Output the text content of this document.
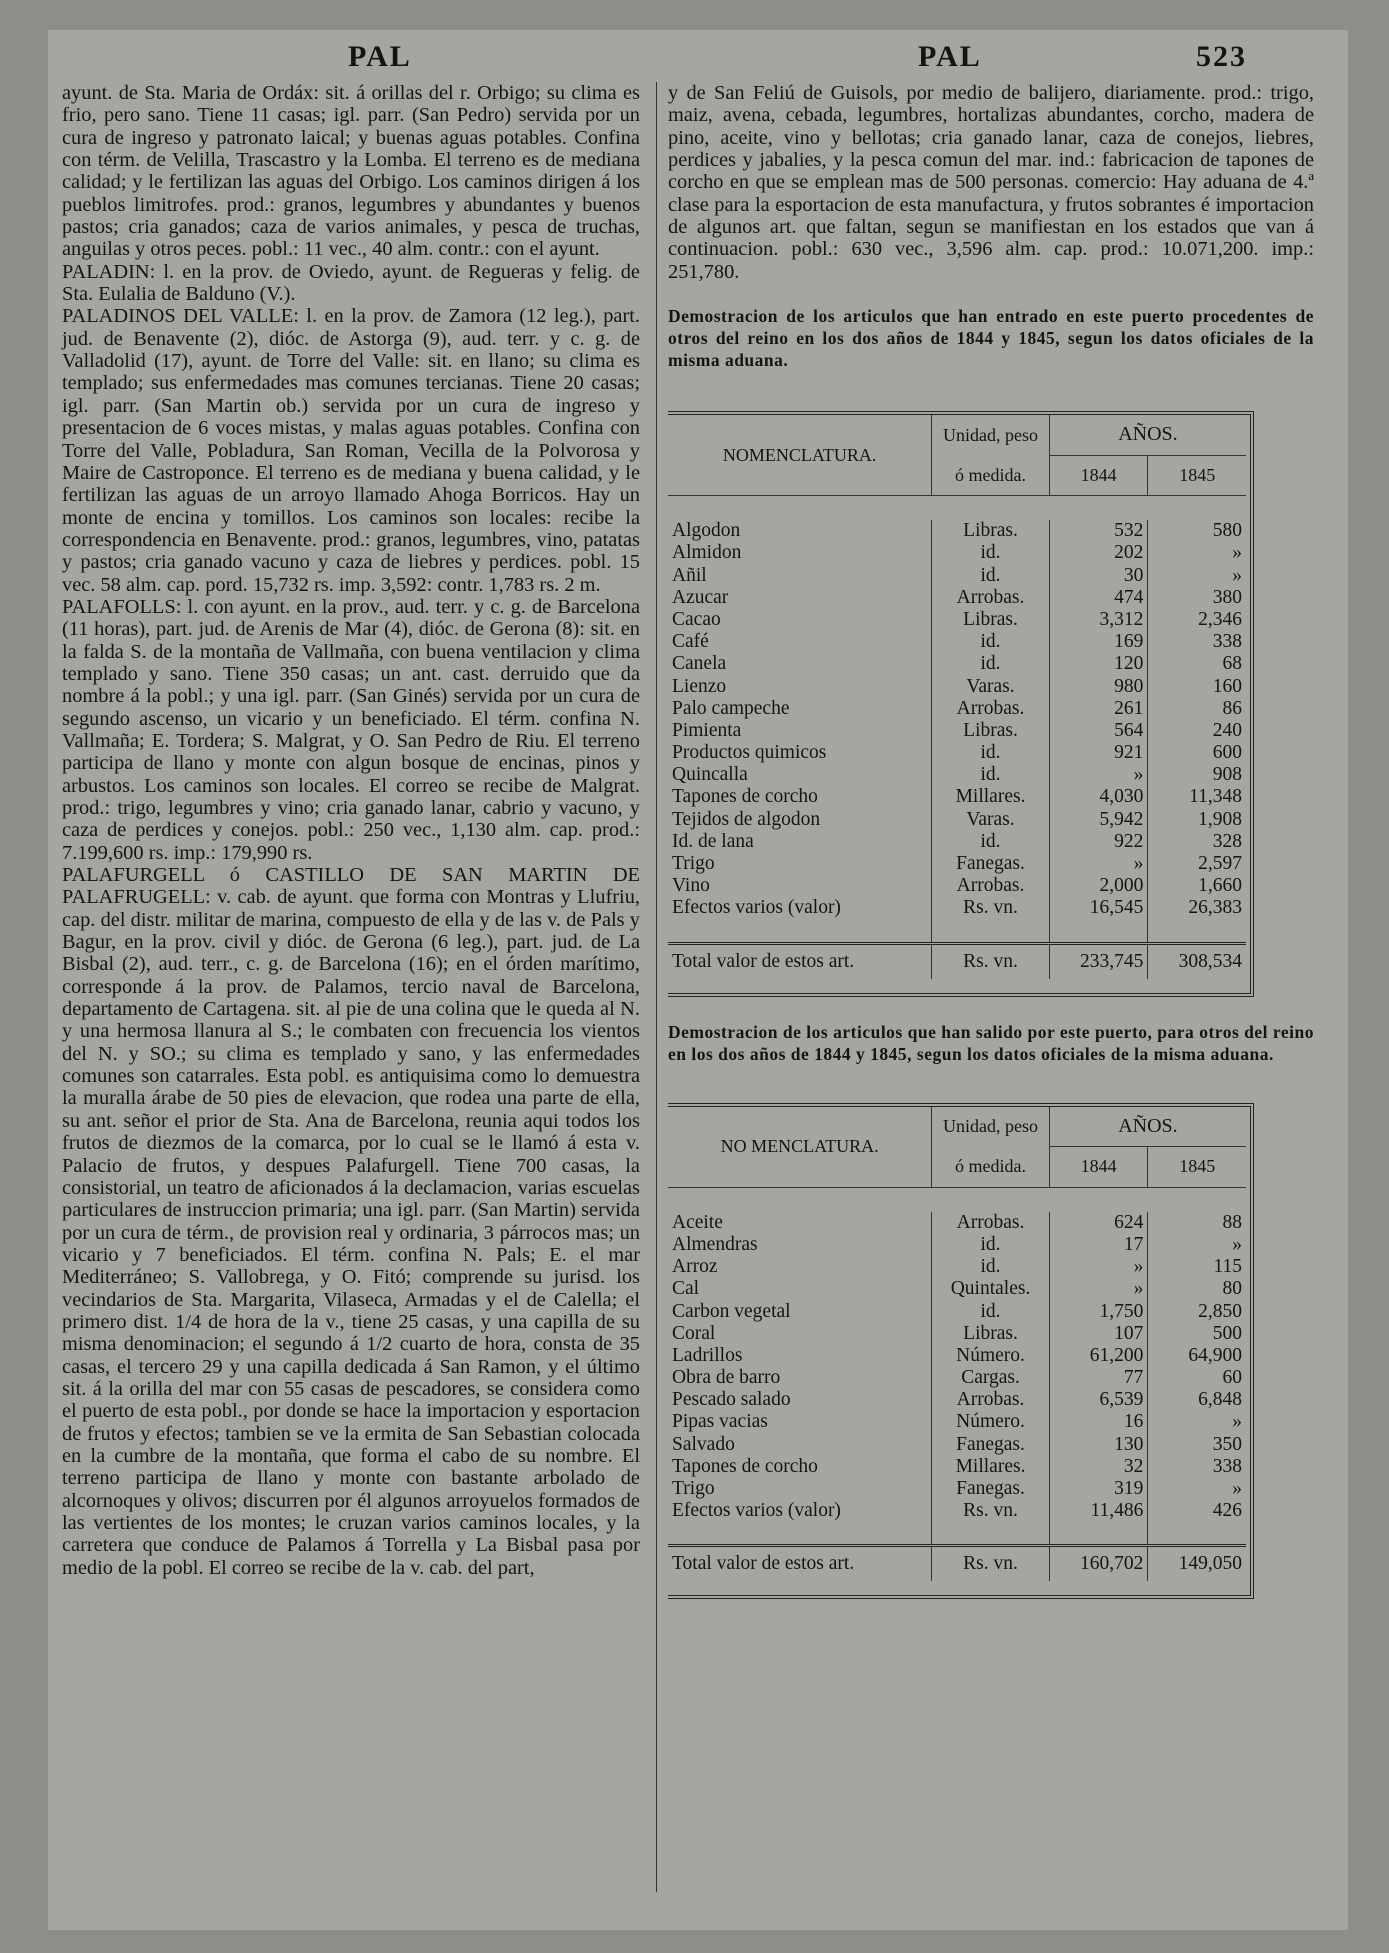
PAL	PAL	523

ayunt. de Sta. Maria de Ordáx: sit. á orillas del r. Orbigo; su clima es frio, pero sano. Tiene 11 casas; igl. parr. (San Pedro) servida por un cura de ingreso y patronato laical; y buenas aguas potables. Confina con térm. de Velilla, Trascastro y la Lomba. El terreno es de mediana calidad; y le fertilizan las aguas del Orbigo. Los caminos dirigen á los pueblos limitrofes. prod.: granos, legumbres y abundantes y buenos pastos; cria ganados; caza de varios animales, y pesca de truchas, anguilas y otros peces. pobl.: 11 vec., 40 alm. contr.: con el ayunt.

PALADIN: l. en la prov. de Oviedo, ayunt. de Regueras y felig. de Sta. Eulalia de Balduno (V.).

PALADINOS DEL VALLE: l. en la prov. de Zamora (12 leg.), part. jud. de Benavente (2), dióc. de Astorga (9), aud. terr. y c. g. de Valladolid (17), ayunt. de Torre del Valle: sit. en llano; su clima es templado; sus enfermedades mas comunes tercianas. Tiene 20 casas; igl. parr. (San Martin ob.) servida por un cura de ingreso y presentacion de 6 voces mistas, y malas aguas potables. Confina con Torre del Valle, Pobladura, San Roman, Vecilla de la Polvorosa y Maire de Castroponce. El terreno es de mediana y buena calidad, y le fertilizan las aguas de un arroyo llamado Ahoga Borricos. Hay un monte de encina y tomillos. Los caminos son locales: recibe la correspondencia en Benavente. prod.: granos, legumbres, vino, patatas y pastos; cria ganado vacuno y caza de liebres y perdices. pobl. 15 vec. 58 alm. cap. pord. 15,732 rs. imp. 3,592: contr. 1,783 rs. 2 m.

PALAFOLLS: l. con ayunt. en la prov., aud. terr. y c. g. de Barcelona (11 horas), part. jud. de Arenis de Mar (4), dióc. de Gerona (8): sit. en la falda S. de la montaña de Vallmaña, con buena ventilacion y clima templado y sano. Tiene 350 casas; un ant. cast. derruido que da nombre á la pobl.; y una igl. parr. (San Ginés) servida por un cura de segundo ascenso, un vicario y un beneficiado. El térm. confina N. Vallmaña; E. Tordera; S. Malgrat, y O. San Pedro de Riu. El terreno participa de llano y monte con algun bosque de encinas, pinos y arbustos. Los caminos son locales. El correo se recibe de Malgrat. prod.: trigo, legumbres y vino; cria ganado lanar, cabrio y vacuno, y caza de perdices y conejos. pobl.: 250 vec., 1,130 alm. cap. prod.: 7.199,600 rs. imp.: 179,990 rs.

PALAFURGELL ó CASTILLO DE SAN MARTIN DE PALAFRUGELL: v. cab. de ayunt. que forma con Montras y Llufriu, cap. del distr. militar de marina, compuesto de ella y de las v. de Pals y Bagur, en la prov. civil y dióc. de Gerona (6 leg.), part. jud. de La Bisbal (2), aud. terr., c. g. de Barcelona (16); en el órden marítimo, corresponde á la prov. de Palamos, tercio naval de Barcelona, departamento de Cartagena. sit. al pie de una colina que le queda al N. y una hermosa llanura al S.; le combaten con frecuencia los vientos del N. y SO.; su clima es templado y sano, y las enfermedades comunes son catarrales. Esta pobl. es antiquisima como lo demuestra la muralla árabe de 50 pies de elevacion, que rodea una parte de ella, su ant. señor el prior de Sta. Ana de Barcelona, reunia aqui todos los frutos de diezmos de la comarca, por lo cual se le llamó á esta v. Palacio de frutos, y despues Palafurgell. Tiene 700 casas, la consistorial, un teatro de aficionados á la declamacion, varias escuelas particulares de instruccion primaria; una igl. parr. (San Martin) servida por un cura de térm., de provision real y ordinaria, 3 párrocos mas; un vicario y 7 beneficiados. El térm. confina N. Pals; E. el mar Mediterráneo; S. Vallobrega, y O. Fitó; comprende su jurisd. los vecindarios de Sta. Margarita, Vilaseca, Armadas y el de Calella; el primero dist. 1/4 de hora de la v., tiene 25 casas, y una capilla de su misma denominacion; el segundo á 1/2 cuarto de hora, consta de 35 casas, el tercero 29 y una capilla dedicada á San Ramon, y el último sit. á la orilla del mar con 55 casas de pescadores, se considera como el puerto de esta pobl., por donde se hace la importacion y esportacion de frutos y efectos; tambien se ve la ermita de San Sebastian colocada en la cumbre de la montaña, que forma el cabo de su nombre. El terreno participa de llano y monte con bastante arbolado de alcornoques y olivos; discurren por él algunos arroyuelos formados de las vertientes de los montes; le cruzan varios caminos locales, y la carretera que conduce de Palamos á Torrella y La Bisbal pasa por medio de la pobl. El correo se recibe de la v. cab. del part,

y de San Feliú de Guisols, por medio de balijero, diariamente. prod.: trigo, maiz, avena, cebada, legumbres, hortalizas abundantes, corcho, madera de pino, aceite, vino y bellotas; cria ganado lanar, caza de conejos, liebres, perdices y jabalies, y la pesca comun del mar. ind.: fabricacion de tapones de corcho en que se emplean mas de 500 personas. comercio: Hay aduana de 4.ª clase para la esportacion de esta manufactura, y frutos sobrantes é importacion de algunos art. que faltan, segun se manifiestan en los estados que van á continuacion. pobl.: 630 vec., 3,596 alm. cap. prod.: 10.071,200. imp.: 251,780.

Demostracion de los articulos que han entrado en este puerto procedentes de otros del reino en los dos años de 1844 y 1845, segun los datos oficiales de la misma aduana.

NOMENCLATURA.	Unidad, peso	AÑOS.	
	ó medida.	1844	1845

Algodon	Libras.	532	580
Almidon	id.	202	»
Añil	id.	30	»
Azucar	Arrobas.	474	380
Cacao	Libras.	3,312	2,346
Café	id.	169	338
Canela	id.	120	68
Lienzo	Varas.	980	160
Palo campeche	Arrobas.	261	86
Pimienta	Libras.	564	240
Productos quimicos	id.	921	600
Quincalla	id.	»	908
Tapones de corcho	Millares.	4,030	11,348
Tejidos de algodon	Varas.	5,942	1,908
Id. de lana	id.	922	328
Trigo	Fanegas.	»	2,597
Vino	Arrobas.	2,000	1,660
Efectos varios (valor)	Rs. vn.	16,545	26,383

Total valor de estos art.	Rs. vn.	233,745	308,534

Demostracion de los articulos que han salido por este puerto, para otros del reino en los dos años de 1844 y 1845, segun los datos oficiales de la misma aduana.

NO MENCLATURA.	Unidad, peso	AÑOS.	
	ó medida.	1844	1845

Aceite	Arrobas.	624	88
Almendras	id.	17	»
Arroz	id.	»	115
Cal	Quintales.	»	80
Carbon vegetal	id.	1,750	2,850
Coral	Libras.	107	500
Ladrillos	Número.	61,200	64,900
Obra de barro	Cargas.	77	60
Pescado salado	Arrobas.	6,539	6,848
Pipas vacias	Número.	16	»
Salvado	Fanegas.	130	350
Tapones de corcho	Millares.	32	338
Trigo	Fanegas.	319	»
Efectos varios (valor)	Rs. vn.	11,486	426

Total valor de estos art.	Rs. vn.	160,702	149,050
